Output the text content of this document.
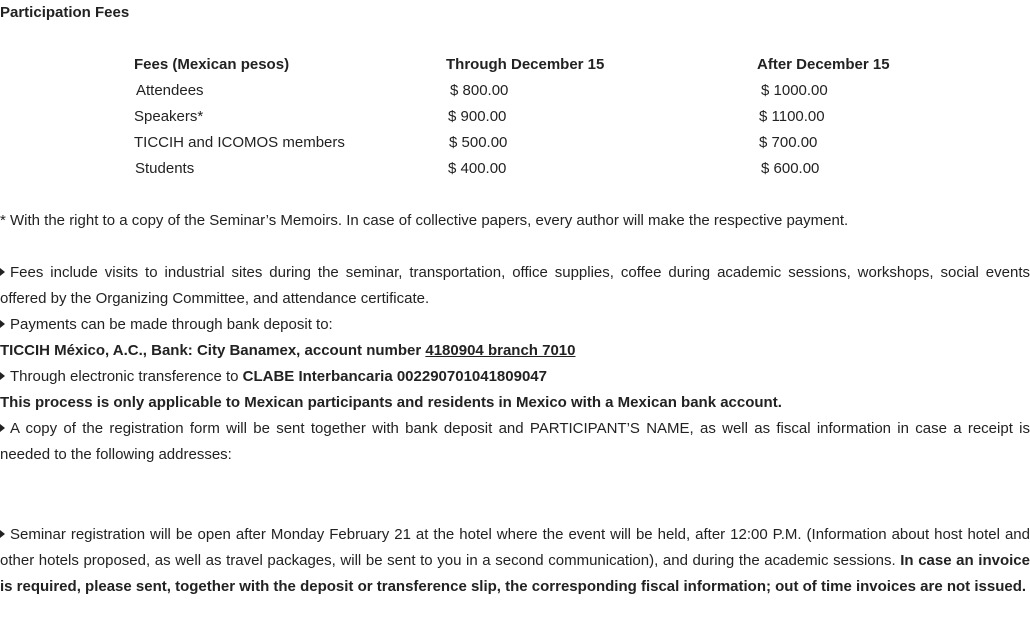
Participation Fees
Fees (Mexican pesos)	Through December 15	After December 15
Attendees	$ 800.00	$ 1000.00
Speakers*	$ 900.00	$ 1100.00
TICCIH and ICOMOS members	$ 500.00	$ 700.00
Students	$ 400.00	$ 600.00
* With the right to a copy of the Seminar’s Memoirs. In case of collective papers, every author will make the respective payment.

Fees include visits to industrial sites during the seminar, transportation, office supplies, coffee during academic sessions, workshops, social events offered by the Organizing Committee, and attendance certificate.

Payments can be made through bank deposit to:

TICCIH México, A.C., Bank: City Banamex, account number 4180904 branch 7010

Through electronic transference to CLABE Interbancaria 002290701041809047

This process is only applicable to Mexican participants and residents in Mexico with a Mexican bank account.

A copy of the registration form will be sent together with bank deposit and PARTICIPANT’S NAME, as well as fiscal information in case a receipt is needed to the following addresses:

Seminar registration will be open after Monday February 21 at the hotel where the event will be held, after 12:00 P.M. (Information about host hotel and other hotels proposed, as well as travel packages, will be sent to you in a second communication), and during the academic sessions. In case an invoice is required, please sent, together with the deposit or transference slip, the corresponding fiscal information; out of time invoices are not issued.
